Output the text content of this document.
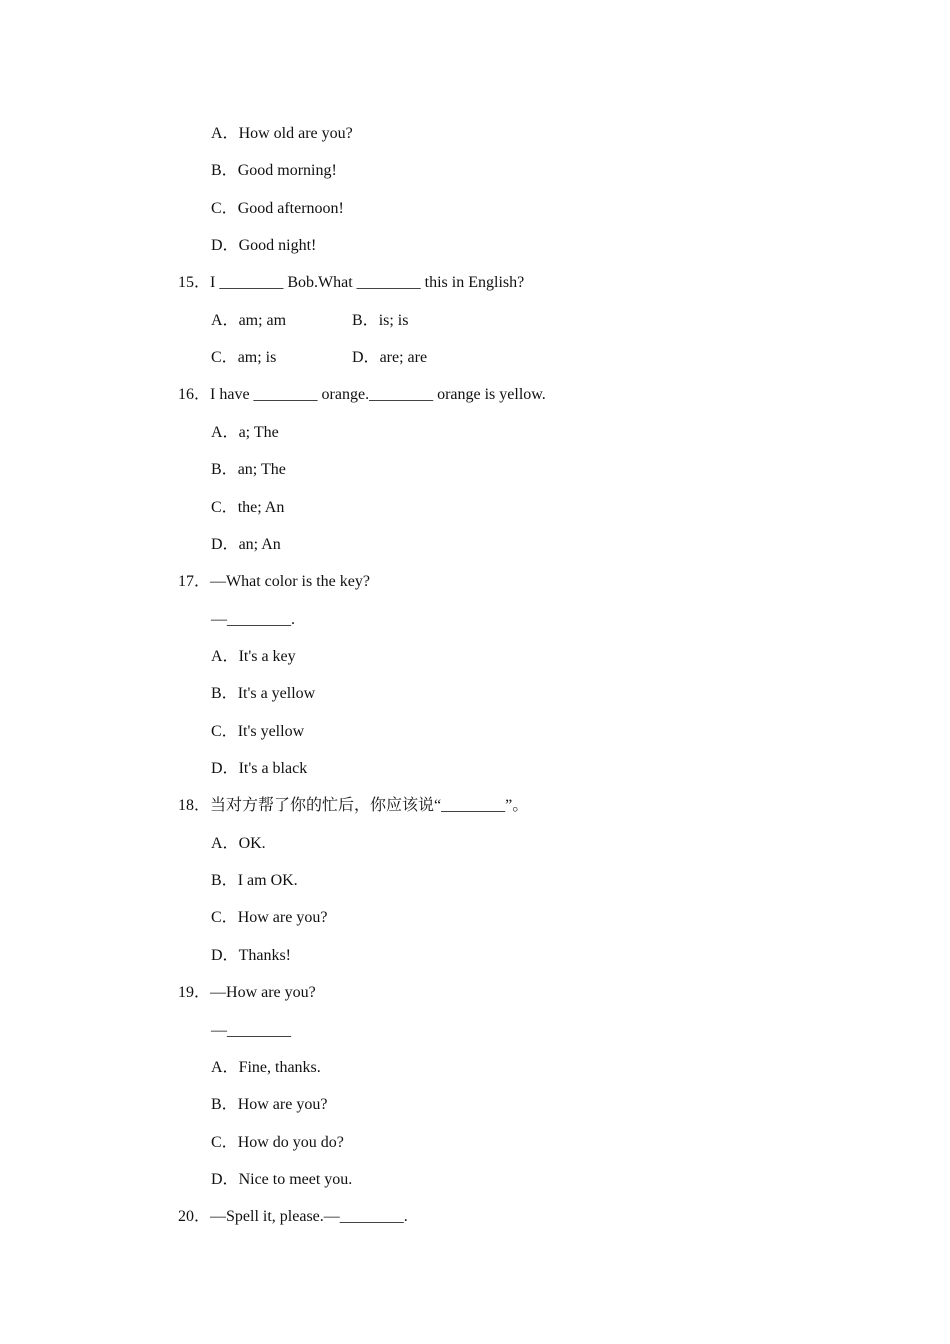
A．How old are you?
B．Good morning!
C．Good afternoon!
D．Good night!
15．I ________ Bob.What ________ this in English?
A．am; am	B．is; is
C．am; is	D．are; are
16．I have ________ orange.________ orange is yellow.
A．a; The
B．an; The
C．the; An
D．an; An
17．—What color is the key?
—________.
A．It's a key
B．It's a yellow
C．It's yellow
D．It's a black
18．当对方帮了你的忙后，你应该说“________”。
A．OK.
B．I am OK.
C．How are you?
D．Thanks!
19．—How are you?
—________
A．Fine, thanks.
B．How are you?
C．How do you do?
D．Nice to meet you.
20．—Spell it, please.—________.
